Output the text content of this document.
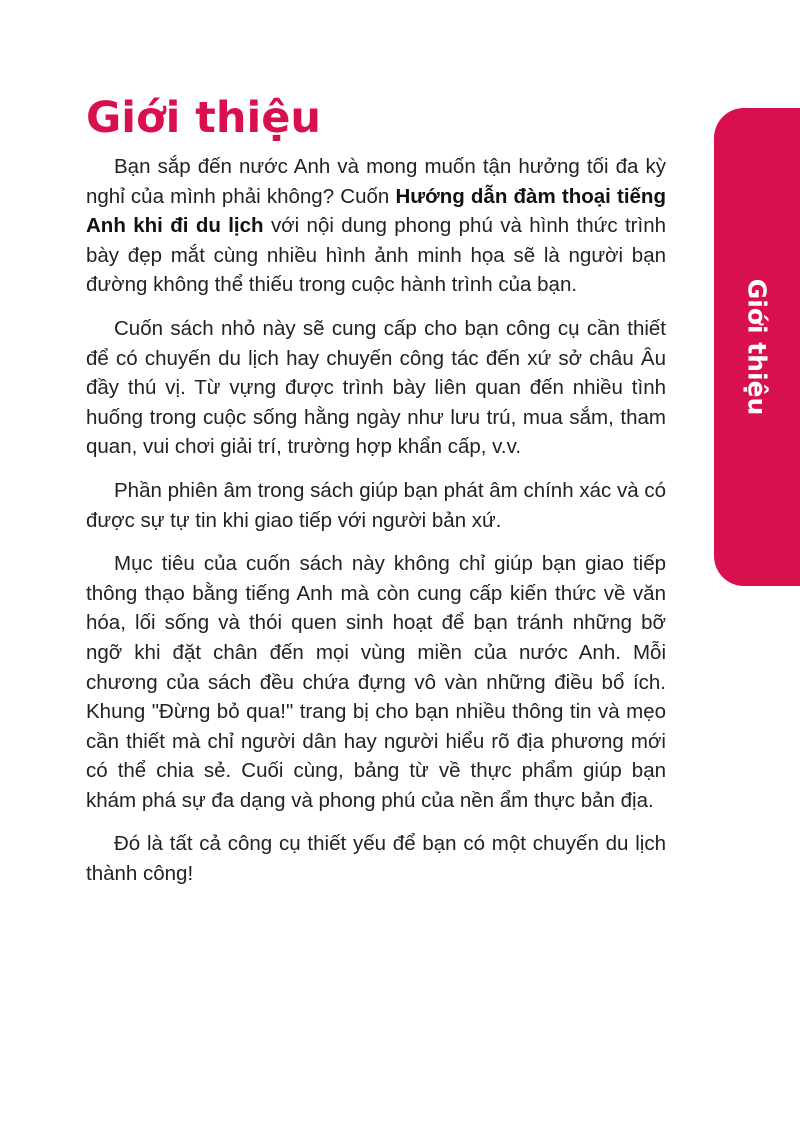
Giới thiệu
Giới thiệu

Bạn sắp đến nước Anh và mong muốn tận hưởng tối đa kỳ nghỉ của mình phải không? Cuốn Hướng dẫn đàm thoại tiếng Anh khi đi du lịch với nội dung phong phú và hình thức trình bày đẹp mắt cùng nhiều hình ảnh minh họa sẽ là người bạn đường không thể thiếu trong cuộc hành trình của bạn.

Cuốn sách nhỏ này sẽ cung cấp cho bạn công cụ cần thiết để có chuyến du lịch hay chuyến công tác đến xứ sở châu Âu đầy thú vị. Từ vựng được trình bày liên quan đến nhiều tình huống trong cuộc sống hằng ngày như lưu trú, mua sắm, tham quan, vui chơi giải trí, trường hợp khẩn cấp, v.v.

Phần phiên âm trong sách giúp bạn phát âm chính xác và có được sự tự tin khi giao tiếp với người bản xứ.

Mục tiêu của cuốn sách này không chỉ giúp bạn giao tiếp thông thạo bằng tiếng Anh mà còn cung cấp kiến thức về văn hóa, lối sống và thói quen sinh hoạt để bạn tránh những bỡ ngỡ khi đặt chân đến mọi vùng miền của nước Anh. Mỗi chương của sách đều chứa đựng vô vàn những điều bổ ích. Khung "Đừng bỏ qua!" trang bị cho bạn nhiều thông tin và mẹo cần thiết mà chỉ người dân hay người hiểu rõ địa phương mới có thể chia sẻ. Cuối cùng, bảng từ về thực phẩm giúp bạn khám phá sự đa dạng và phong phú của nền ẩm thực bản địa.

Đó là tất cả công cụ thiết yếu để bạn có một chuyến du lịch thành công!
